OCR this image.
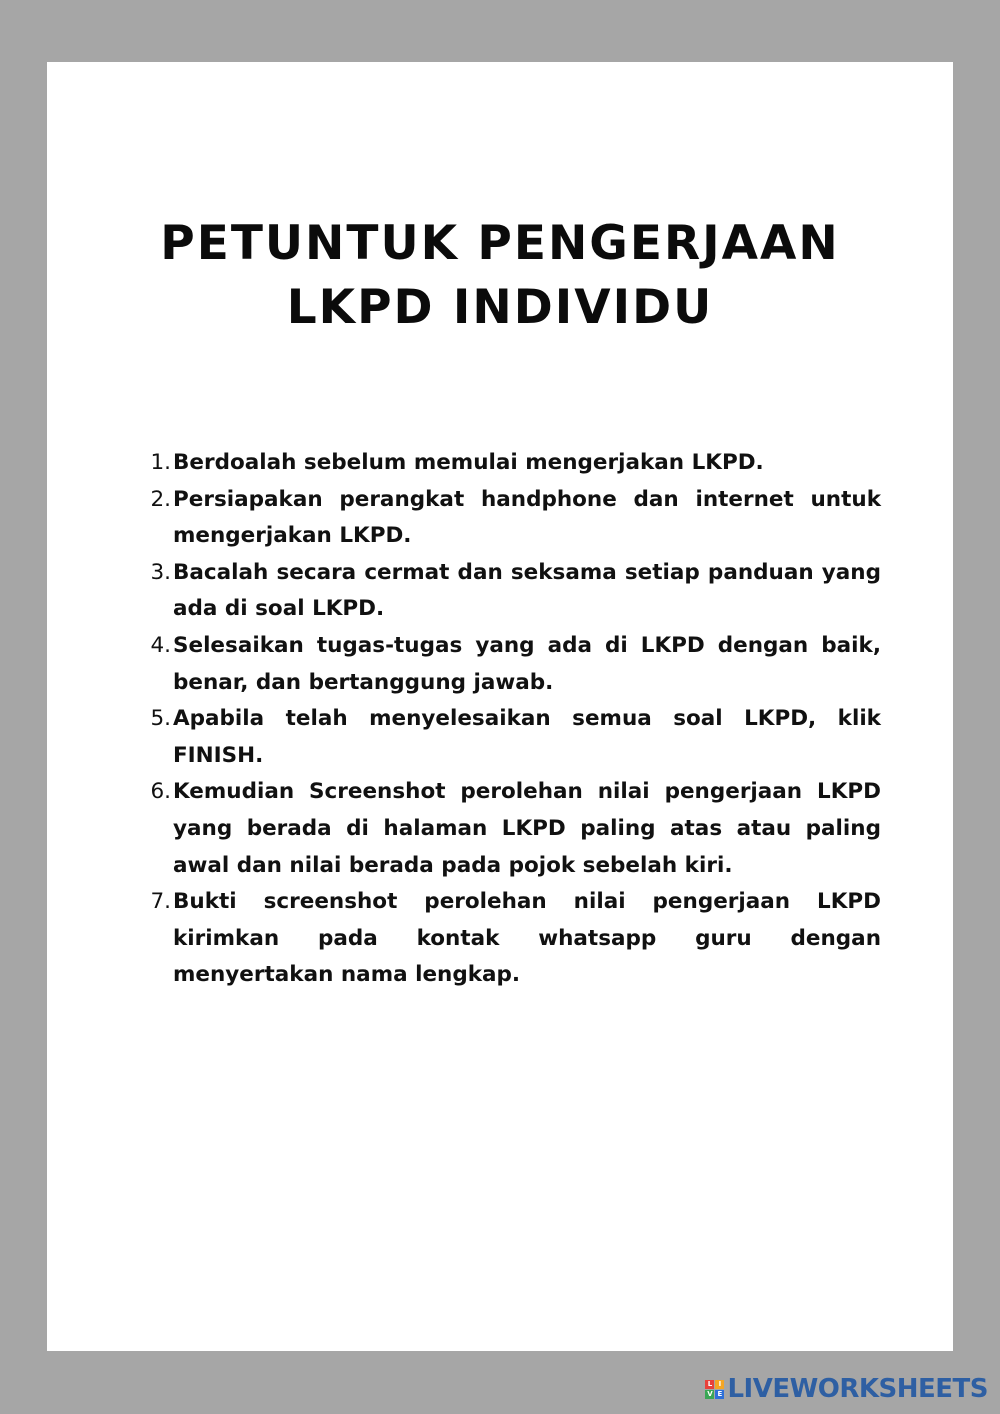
PETUNTUK PENGERJAAN
LKPD INDIVIDU
1. Berdoalah sebelum memulai mengerjakan LKPD.
2. Persiapakan perangkat handphone dan internet untuk mengerjakan LKPD.
3. Bacalah secara cermat dan seksama setiap panduan yang ada di soal LKPD.
4. Selesaikan tugas-tugas yang ada di LKPD dengan baik, benar, dan bertanggung jawab.
5. Apabila telah menyelesaikan semua soal LKPD, klik FINISH.
6. Kemudian Screenshot perolehan nilai pengerjaan LKPD yang berada di halaman LKPD paling atas atau paling awal dan nilai berada pada pojok sebelah kiri.
7. Bukti screenshot perolehan nilai pengerjaan LKPD kirimkan pada kontak whatsapp guru dengan menyertakan nama lengkap.
L I
V E LIVEWORKSHEETS
